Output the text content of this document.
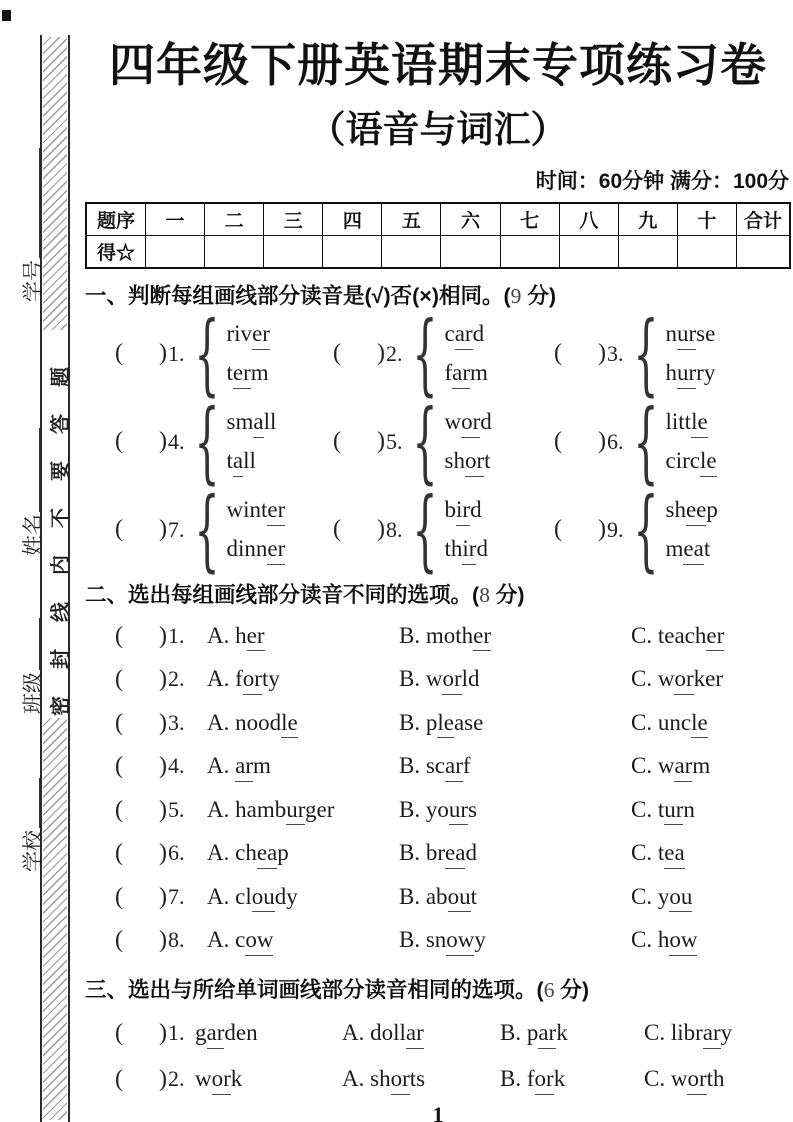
密封线内不要答题
学号
姓名
班级
学校
四年级下册英语期末专项练习卷
（语音与词汇）
时间：60分钟 满分：100分
题序	一	二	三	四	五	六	七	八	九	十	合计
得☆											
一、判断每组画线部分读音是(√)否(×)相同。(9 分)
( ) 1. { river
term
( ) 2. { card
farm
( ) 3. { nurse
hurry
( ) 4. { small
tall
( ) 5. { word
short
( ) 6. { little
circle
( ) 7. { winter
dinner
( ) 8. { bird
third
( ) 9. { sheep
meat
二、选出每组画线部分读音不同的选项。(8 分)
( )1. A. her	B. mother	C. teacher
( )2. A. forty	B. world	C. worker
( )3. A. noodle	B. please	C. uncle
( )4. A. arm	B. scarf	C. warm
( )5. A. hamburger	B. yours	C. turn
( )6. A. cheap	B. bread	C. tea
( )7. A. cloudy	B. about	C. you
( )8. A. cow	B. snowy	C. how
三、选出与所给单词画线部分读音相同的选项。(6 分)
( )1. garden	A. dollar	B. park	C. library
( )2. work	A. shorts	B. fork	C. worth
1
